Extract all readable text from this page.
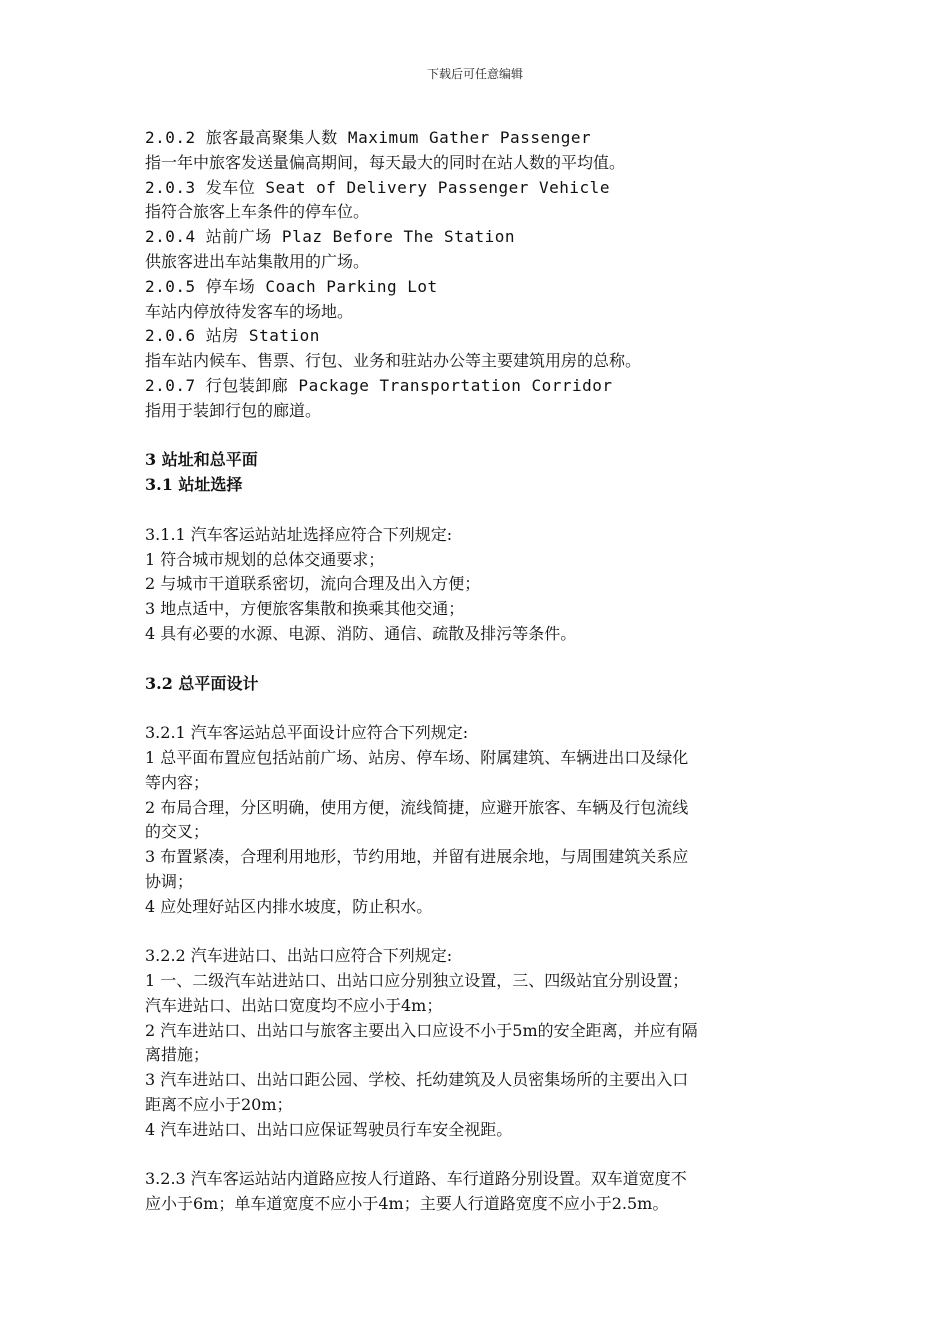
下载后可任意编辑
2.0.2 旅客最高聚集人数 Maximum Gather Passenger
指一年中旅客发送量偏高期间，每天最大的同时在站人数的平均值。
2.0.3 发车位 Seat of Delivery Passenger Vehicle
指符合旅客上车条件的停车位。
2.0.4 站前广场 Plaz Before The Station
供旅客进出车站集散用的广场。
2.0.5 停车场 Coach Parking Lot
车站内停放待发客车的场地。
2.0.6 站房 Station
指车站内候车、售票、行包、业务和驻站办公等主要建筑用房的总称。
2.0.7 行包装卸廊 Package Transportation Corridor
指用于装卸行包的廊道。
3 站址和总平面
3.1 站址选择
3.1.1 汽车客运站站址选择应符合下列规定:
1 符合城市规划的总体交通要求；
2 与城市干道联系密切，流向合理及出入方便；
3 地点适中，方便旅客集散和换乘其他交通；
4 具有必要的水源、电源、消防、通信、疏散及排污等条件。
3.2 总平面设计
3.2.1 汽车客运站总平面设计应符合下列规定:
1 总平面布置应包括站前广场、站房、停车场、附属建筑、车辆进出口及绿化
等内容；
2 布局合理，分区明确，使用方便，流线简捷，应避开旅客、车辆及行包流线
的交叉；
3 布置紧凑，合理利用地形，节约用地，并留有进展余地，与周围建筑关系应
协调；
4 应处理好站区内排水坡度，防止积水。
3.2.2 汽车进站口、出站口应符合下列规定:
1 一、二级汽车站进站口、出站口应分别独立设置，三、四级站宜分别设置；
汽车进站口、出站口宽度均不应小于4m；
2 汽车进站口、出站口与旅客主要出入口应设不小于5m的安全距离，并应有隔
离措施；
3 汽车进站口、出站口距公园、学校、托幼建筑及人员密集场所的主要出入口
距离不应小于20m；
4 汽车进站口、出站口应保证驾驶员行车安全视距。
3.2.3 汽车客运站站内道路应按人行道路、车行道路分别设置。双车道宽度不
应小于6m；单车道宽度不应小于4m；主要人行道路宽度不应小于2.5m。
